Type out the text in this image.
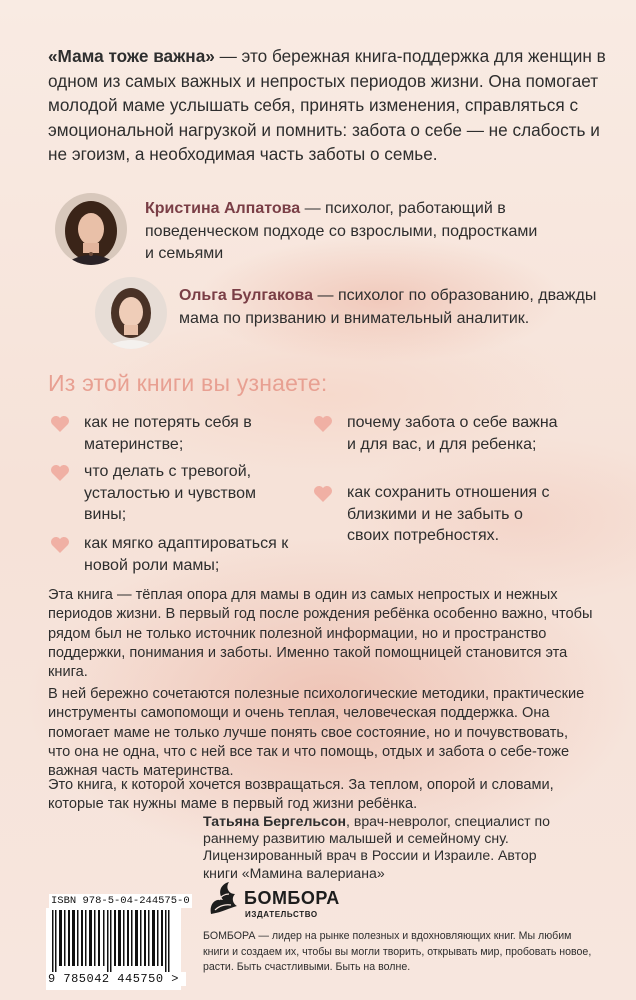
«Мама тоже важна» — это бережная книга-поддержка для женщин в одном из самых важных и непростых периодов жизни. Она помогает молодой маме услышать себя, принять изменения, справляться с эмоциональной нагрузкой и помнить: забота о себе — не слабость и не эгоизм, а необходимая часть заботы о семье.

Кристина Алпатова — психолог, работающий в поведенческом подходе со взрослыми, подростками и семьями

Ольга Булгакова — психолог по образованию, дважды мама по призванию и внимательный аналитик.

Из этой книги вы узнаете:

как не потерять себя в материнстве;

что делать с тревогой, усталостью и чувством вины;

как мягко адаптироваться к новой роли мамы;

почему забота о себе важна и для вас, и для ребенка;

как сохранить отношения с близкими и не забыть о своих потребностях.

Эта книга — тёплая опора для мамы в один из самых непростых и нежных периодов жизни. В первый год после рождения ребёнка особенно важно, чтобы рядом был не только источник полезной информации, но и пространство поддержки, понимания и заботы. Именно такой помощницей становится эта книга.

В ней бережно сочетаются полезные психологические методики, практические инструменты самопомощи и очень теплая, человеческая поддержка. Она помогает маме не только лучше понять свое состояние, но и почувствовать, что она не одна, что с ней все так и что помощь, отдых и забота о себе-тоже важная часть материнства.

Это книга, к которой хочется возвращаться. За теплом, опорой и словами, которые так нужны маме в первый год жизни ребёнка.

Татьяна Бергельсон, врач-невролог, специалист по раннему развитию малышей и семейному сну. Лицензированный врач в России и Израиле. Автор книги «Мамина валериана»

ISBN 978-5-04-244575-0
9 785042 445750 >
БОМБОРА
ИЗДАТЕЛЬСТВО

БОМБОРА — лидер на рынке полезных и вдохновляющих книг. Мы любим книги и создаем их, чтобы вы могли творить, открывать мир, пробовать новое, расти. Быть счастливыми. Быть на волне.
